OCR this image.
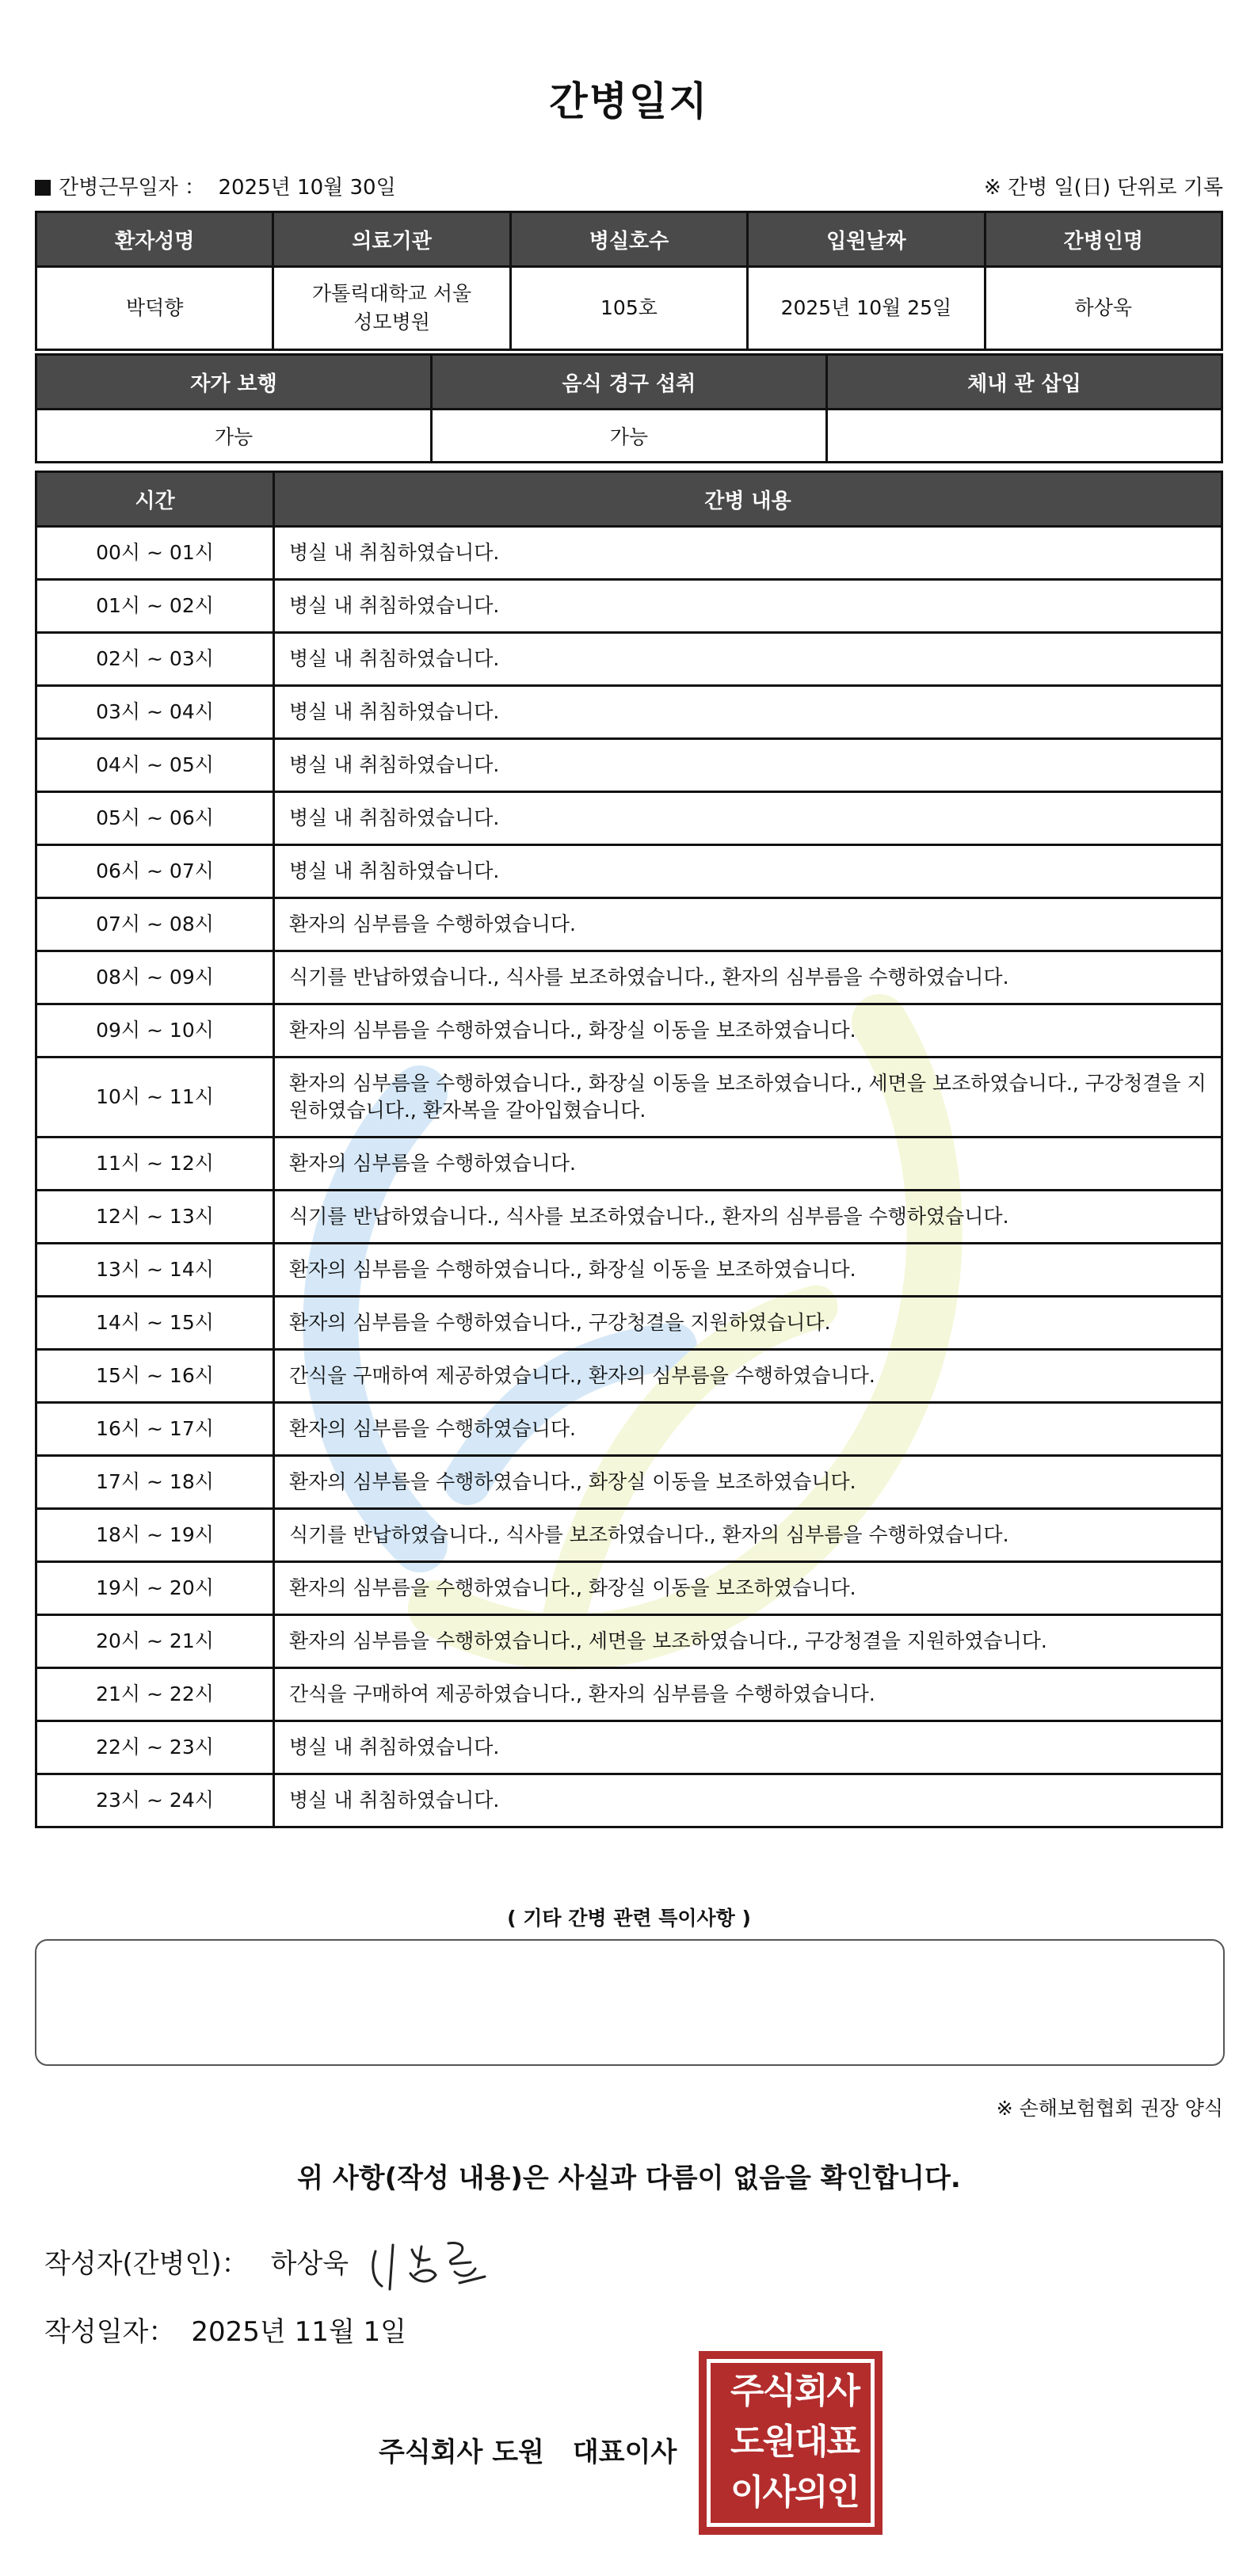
간병일지
간병근무일자 ： 2025년 10월 30일	※ 간병 일(日) 단위로 기록
환자성명	의료기관	병실호수	입원날짜	간병인명
박덕향	가톨릭대학교 서울성모병원	105호	2025년 10월 25일	하상욱
자가 보행	음식 경구 섭취	체내 관 삽입
가능	가능	
시간	간병 내용
00시 ~ 01시	병실 내 취침하였습니다.
01시 ~ 02시	병실 내 취침하였습니다.
02시 ~ 03시	병실 내 취침하였습니다.
03시 ~ 04시	병실 내 취침하였습니다.
04시 ~ 05시	병실 내 취침하였습니다.
05시 ~ 06시	병실 내 취침하였습니다.
06시 ~ 07시	병실 내 취침하였습니다.
07시 ~ 08시	환자의 심부름을 수행하였습니다.
08시 ~ 09시	식기를 반납하였습니다., 식사를 보조하였습니다., 환자의 심부름을 수행하였습니다.
09시 ~ 10시	환자의 심부름을 수행하였습니다., 화장실 이동을 보조하였습니다.
10시 ~ 11시	환자의 심부름을 수행하였습니다., 화장실 이동을 보조하였습니다., 세면을 보조하였습니다., 구강청결을 지원하였습니다., 환자복을 갈아입혔습니다.
11시 ~ 12시	환자의 심부름을 수행하였습니다.
12시 ~ 13시	식기를 반납하였습니다., 식사를 보조하였습니다., 환자의 심부름을 수행하였습니다.
13시 ~ 14시	환자의 심부름을 수행하였습니다., 화장실 이동을 보조하였습니다.
14시 ~ 15시	환자의 심부름을 수행하였습니다., 구강청결을 지원하였습니다.
15시 ~ 16시	간식을 구매하여 제공하였습니다., 환자의 심부름을 수행하였습니다.
16시 ~ 17시	환자의 심부름을 수행하였습니다.
17시 ~ 18시	환자의 심부름을 수행하였습니다., 화장실 이동을 보조하였습니다.
18시 ~ 19시	식기를 반납하였습니다., 식사를 보조하였습니다., 환자의 심부름을 수행하였습니다.
19시 ~ 20시	환자의 심부름을 수행하였습니다., 화장실 이동을 보조하였습니다.
20시 ~ 21시	환자의 심부름을 수행하였습니다., 세면을 보조하였습니다., 구강청결을 지원하였습니다.
21시 ~ 22시	간식을 구매하여 제공하였습니다., 환자의 심부름을 수행하였습니다.
22시 ~ 23시	병실 내 취침하였습니다.
23시 ~ 24시	병실 내 취침하였습니다.
( 기타 간병 관련 특이사항 )
※ 손해보험협회 권장 양식
위 사항(작성 내용)은 사실과 다름이 없음을 확인합니다.
작성자(간병인)： 하상욱
작성일자： 2025년 11월 1일
주식회사 도원 대표이사
주식회사
도원대표
이사의인
